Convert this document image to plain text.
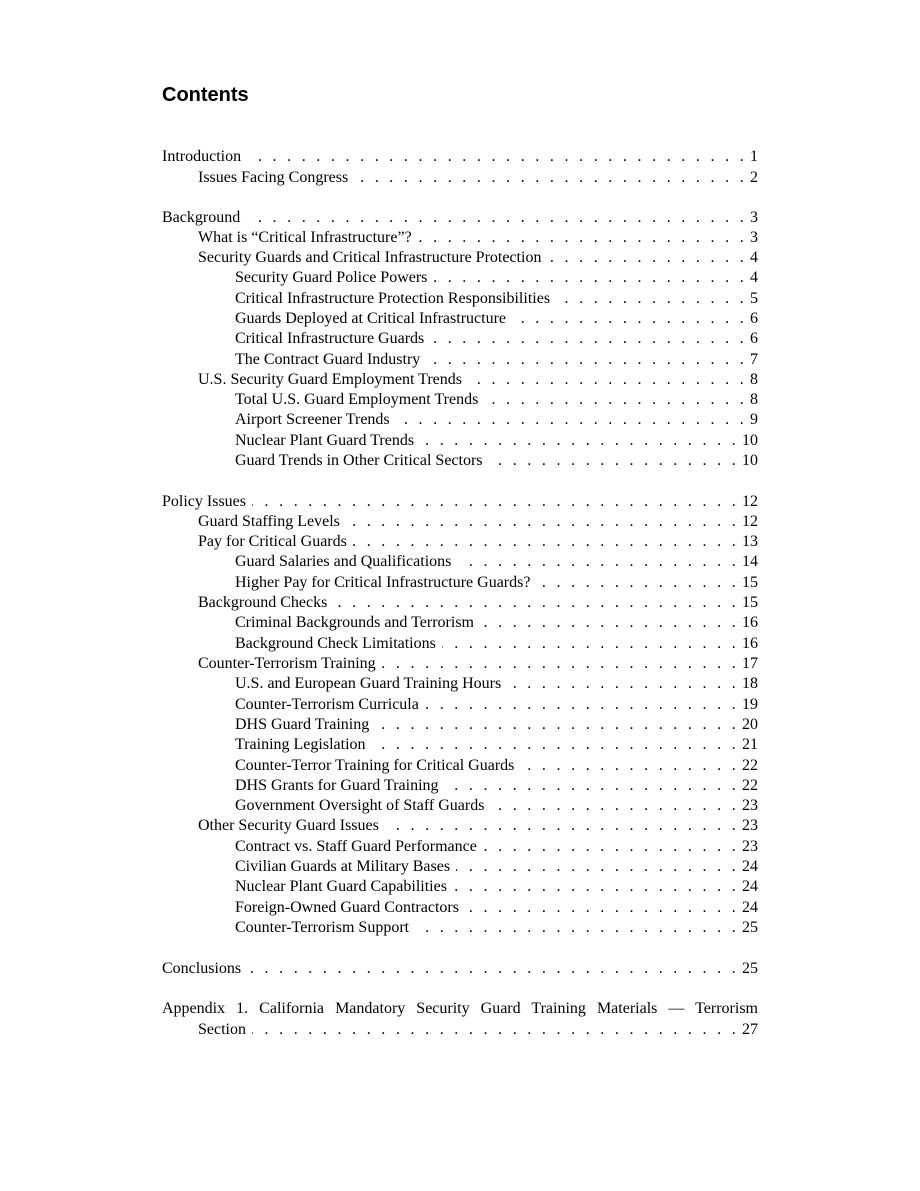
Contents
Introduction . . .	1
Issues Facing Congress . . .	2
Background . . .	3
What is “Critical Infrastructure”? . . .	3
Security Guards and Critical Infrastructure Protection . . .	4
Security Guard Police Powers . . .	4
Critical Infrastructure Protection Responsibilities . . .	5
Guards Deployed at Critical Infrastructure . . .	6
Critical Infrastructure Guards . . .	6
The Contract Guard Industry . . .	7
U.S. Security Guard Employment Trends . . .	8
Total U.S. Guard Employment Trends . . .	8
Airport Screener Trends . . .	9
Nuclear Plant Guard Trends . . .	10
Guard Trends in Other Critical Sectors . . .	10
Policy Issues . . .	12
Guard Staffing Levels . . .	12
Pay for Critical Guards . . .	13
Guard Salaries and Qualifications . . .	14
Higher Pay for Critical Infrastructure Guards? . . .	15
Background Checks . . .	15
Criminal Backgrounds and Terrorism . . .	16
Background Check Limitations . . .	16
Counter-Terrorism Training . . .	17
U.S. and European Guard Training Hours . . .	18
Counter-Terrorism Curricula . . .	19
DHS Guard Training . . .	20
Training Legislation . . .	21
Counter-Terror Training for Critical Guards . . .	22
DHS Grants for Guard Training . . .	22
Government Oversight of Staff Guards . . .	23
Other Security Guard Issues . . .	23
Contract vs. Staff Guard Performance . . .	23
Civilian Guards at Military Bases . . .	24
Nuclear Plant Guard Capabilities . . .	24
Foreign-Owned Guard Contractors . . .	24
Counter-Terrorism Support . . .	25
Conclusions . . .	25
Appendix 1. California Mandatory Security Guard Training Materials — Terrorism
Section . . .	27
